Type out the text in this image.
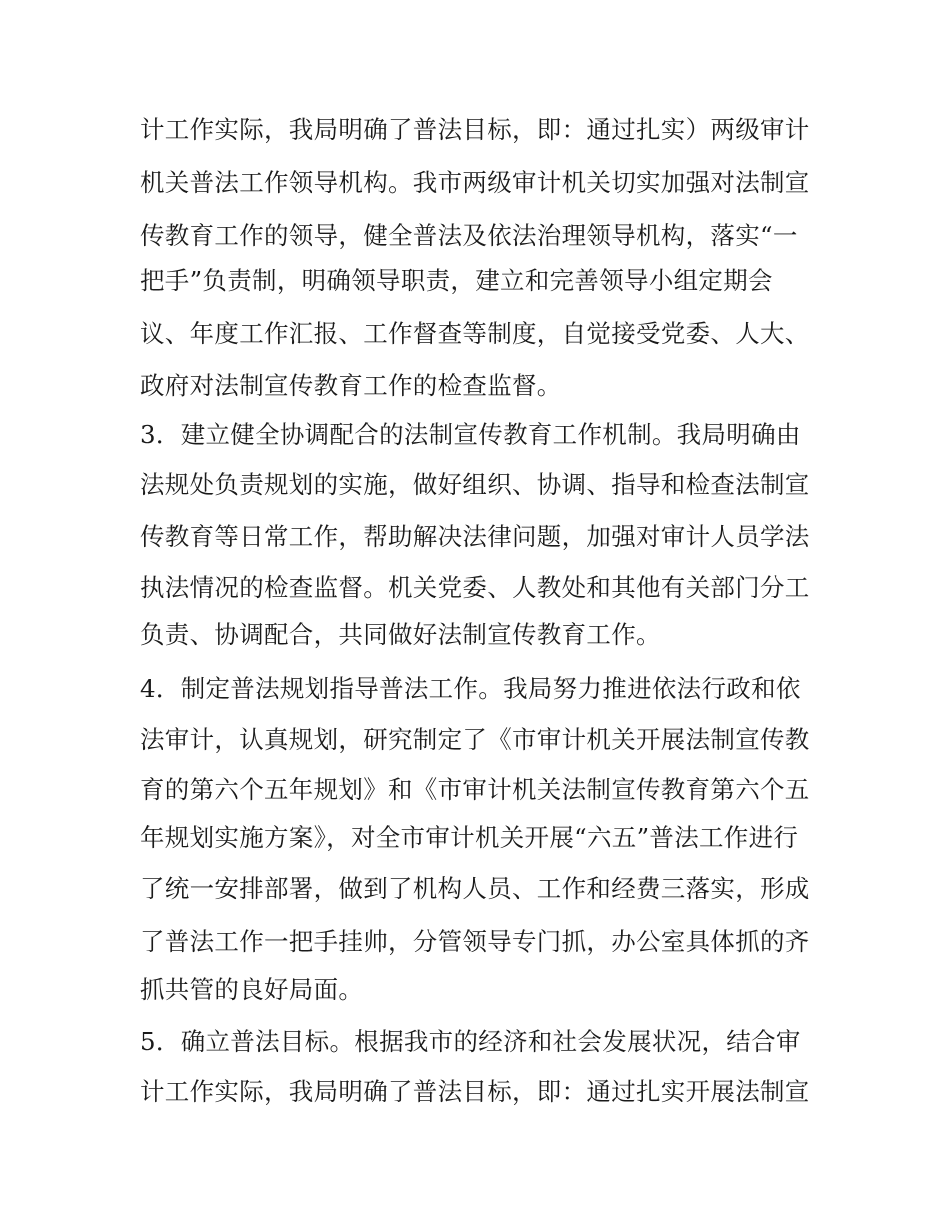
计工作实际，我局明确了普法目标，即：通过扎实）两级审计
机关普法工作领导机构。我市两级审计机关切实加强对法制宣
传教育工作的领导，健全普法及依法治理领导机构，落实“一
把手”负责制，明确领导职责，建立和完善领导小组定期会
议、年度工作汇报、工作督查等制度，自觉接受党委、人大、
政府对法制宣传教育工作的检查监督。
3．建立健全协调配合的法制宣传教育工作机制。我局明确由
法规处负责规划的实施，做好组织、协调、指导和检查法制宣
传教育等日常工作，帮助解决法律问题，加强对审计人员学法
执法情况的检查监督。机关党委、人教处和其他有关部门分工
负责、协调配合，共同做好法制宣传教育工作。
4．制定普法规划指导普法工作。我局努力推进依法行政和依
法审计，认真规划，研究制定了《市审计机关开展法制宣传教
育的第六个五年规划》和《市审计机关法制宣传教育第六个五
年规划实施方案》，对全市审计机关开展“六五”普法工作进行
了统一安排部署，做到了机构人员、工作和经费三落实，形成
了普法工作一把手挂帅，分管领导专门抓，办公室具体抓的齐
抓共管的良好局面。
5．确立普法目标。根据我市的经济和社会发展状况，结合审
计工作实际，我局明确了普法目标，即：通过扎实开展法制宣
